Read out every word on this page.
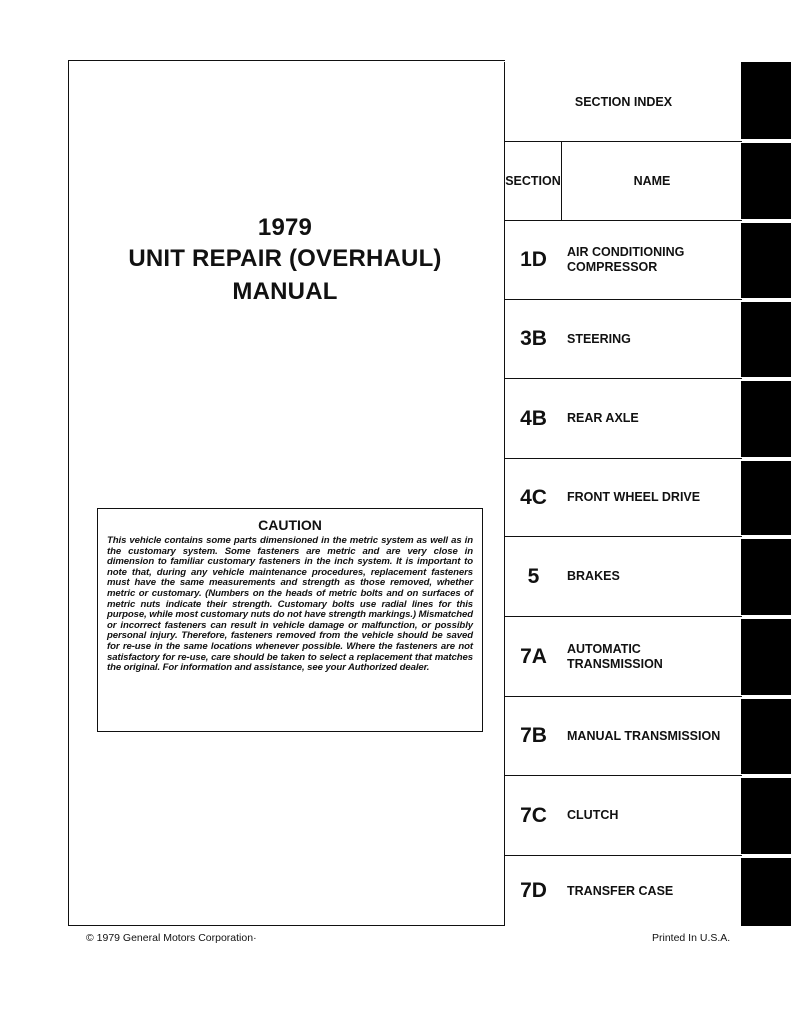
1979
UNIT REPAIR (OVERHAUL)
MANUAL
CAUTION
This vehicle contains some parts dimensioned in the metric system as well as in the customary system. Some fasteners are metric and are very close in dimension to familiar customary fasteners in the inch system. It is important to note that, during any vehicle maintenance procedures, replacement fasteners must have the same measurements and strength as those removed, whether metric or customary. (Numbers on the heads of metric bolts and on surfaces of metric nuts indicate their strength. Customary bolts use radial lines for this purpose, while most customary nuts do not have strength markings.) Mismatched or incorrect fasteners can result in vehicle damage or malfunction, or possibly personal injury. Therefore, fasteners removed from the vehicle should be saved for re-use in the same locations whenever possible. Where the fasteners are not satisfactory for re-use, care should be taken to select a replacement that matches the original. For information and assistance, see your Authorized dealer.
SECTION INDEX
SECTION	NAME
1D	AIR CONDITIONING COMPRESSOR
3B	STEERING
4B	REAR AXLE
4C	FRONT WHEEL DRIVE
5	BRAKES
7A	AUTOMATIC TRANSMISSION
7B	MANUAL TRANSMISSION
7C	CLUTCH
7D	TRANSFER CASE
© 1979 General Motors Corporation·	Printed In U.S.A.
